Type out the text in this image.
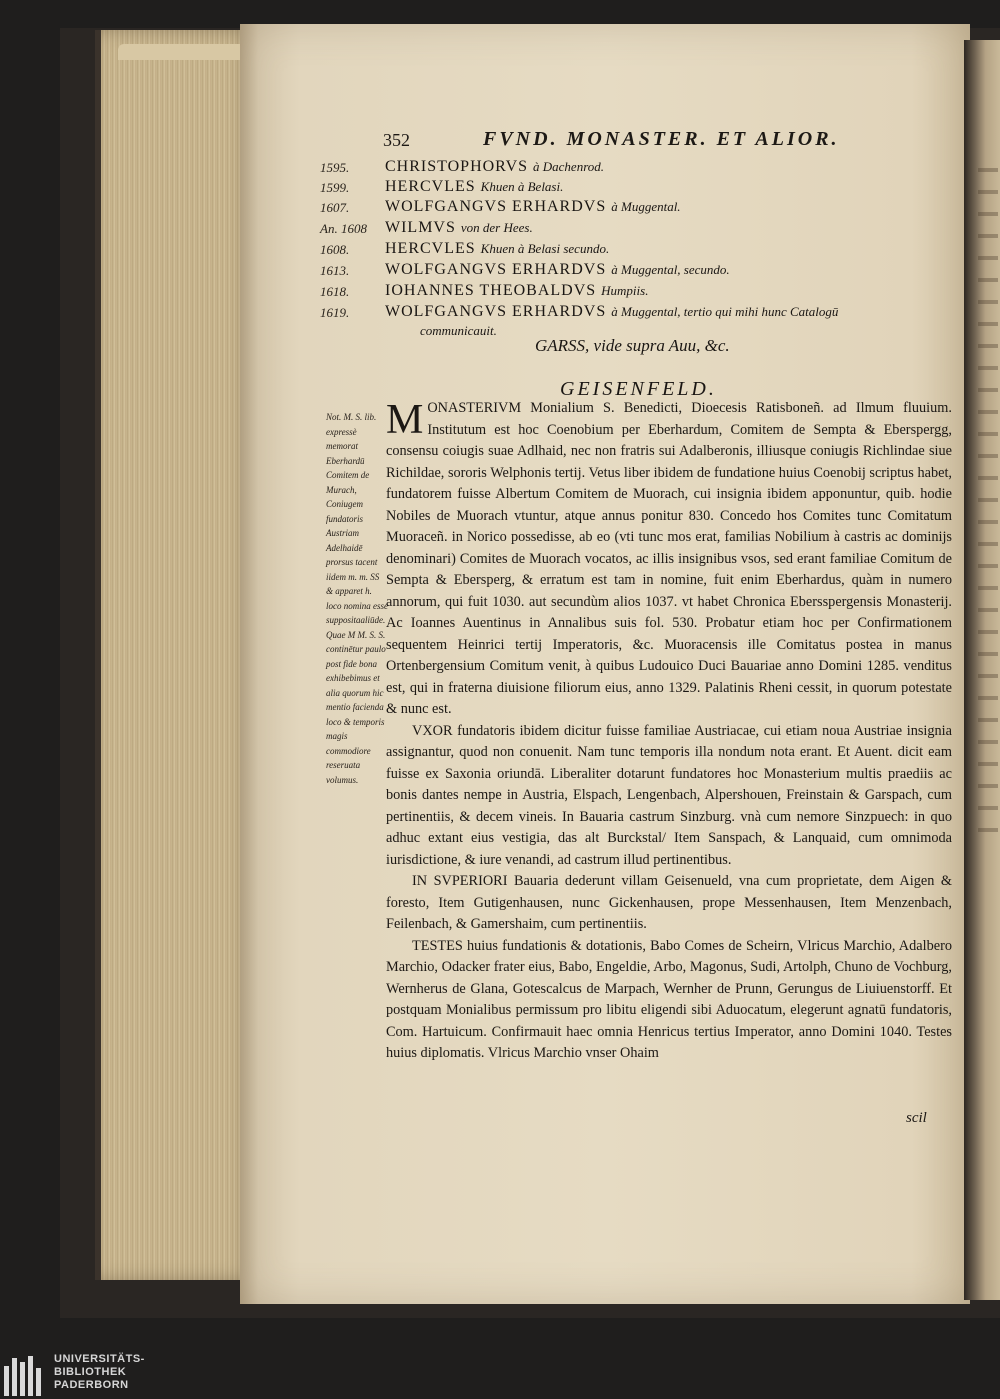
352	FVND. MONASTER. ET ALIOR.
1595.	CHRISTOPHORVS à Dachenrod.
1599.	HERCVLES Khuen à Belasi.
1607.	WOLFGANGVS ERHARDVS à Muggental.
An. 1608	WILMVS von der Hees.
1608.	HERCVLES Khuen à Belasi secundo.
1613.	WOLFGANGVS ERHARDVS à Muggental, secundo.
1618.	IOHANNES THEOBALDVS Humpiis.
1619.	WOLFGANGVS ERHARDVS à Muggental, tertio qui mihi hunc Catalogū
communicauit.
GARSS, vide supra Auu, &c.
GEISENFELD.
Not. M. S. lib. expressè memorat Eberhardū Comitem de Murach, Coniugem fundatoris Austriam Adelhaidē prorsus tacent iidem m. m. SS & apparet h. loco nomina esse suppositaaliūde. Quae M M. S. S. continētur paulo post fide bona exhibebimus et alia quorum hic mentio facienda loco & temporis magis commodiore reseruata volumus.

MONASTERIVM Monialium S. Benedicti, Dioecesis Ratisboneñ. ad Ilmum fluuium. Institutum est hoc Coenobium per Eberhardum, Comitem de Sempta & Eberspergg, consensu coiugis suae Adlhaid, nec non fratris sui Adalberonis, illiusque coniugis Richlindae siue Richildae, sororis Welphonis tertij. Vetus liber ibidem de fundatione huius Coenobij scriptus habet, fundatorem fuisse Albertum Comitem de Muorach, cui insignia ibidem apponuntur, quib. hodie Nobiles de Muorach vtuntur, atque annus ponitur 830. Concedo hos Comites tunc Comitatum Muoraceñ. in Norico possedisse, ab eo (vti tunc mos erat, familias Nobilium à castris ac dominijs denominari) Comites de Muorach vocatos, ac illis insignibus vsos, sed erant familiae Comitum de Sempta & Ebersperg, & erratum est tam in nomine, fuit enim Eberhardus, quàm in numero annorum, qui fuit 1030. aut secundùm alios 1037. vt habet Chronica Ebersspergensis Monasterij. Ac Ioannes Auentinus in Annalibus suis fol. 530. Probatur etiam hoc per Confirmationem sequentem Heinrici tertij Imperatoris, &c. Muoracensis ille Comitatus postea in manus Ortenbergensium Comitum venit, à quibus Ludouico Duci Bauariae anno Domini 1285. venditus est, qui in fraterna diuisione filiorum eius, anno 1329. Palatinis Rheni cessit, in quorum potestate & nunc est.

VXOR fundatoris ibidem dicitur fuisse familiae Austriacae, cui etiam noua Austriae insignia assignantur, quod non conuenit. Nam tunc temporis illa nondum nota erant. Et Auent. dicit eam fuisse ex Saxonia oriundā. Liberaliter dotarunt fundatores hoc Monasterium multis praediis ac bonis dantes nempe in Austria, Elspach, Lengenbach, Alpershouen, Freinstain & Garspach, cum pertinentiis, & decem vineis. In Bauaria castrum Sinzburg. vnà cum nemore Sinzpuech: in quo adhuc extant eius vestigia, das alt Burckstal/ Item Sanspach, & Lanquaid, cum omnimoda iurisdictione, & iure venandi, ad castrum illud pertinentibus.

IN SVPERIORI Bauaria dederunt villam Geisenueld, vna cum proprietate, dem Aigen & foresto, Item Gutigenhausen, nunc Gickenhausen, prope Messenhausen, Item Menzenbach, Feilenbach, & Gamershaim, cum pertinentiis.

TESTES huius fundationis & dotationis, Babo Comes de Scheirn, Vlricus Marchio, Adalbero Marchio, Odacker frater eius, Babo, Engeldie, Arbo, Magonus, Sudi, Artolph, Chuno de Vochburg, Wernherus de Glana, Gotescalcus de Marpach, Wernher de Prunn, Gerungus de Liuiuenstorff. Et postquam Monialibus permissum pro libitu eligendi sibi Aduocatum, elegerunt agnatū fundatoris, Com. Hartuicum. Confirmauit haec omnia Henricus tertius Imperator, anno Domini 1040. Testes huius diplomatis. Vlricus Marchio vnser Ohaim

scil
UNIVERSITÄTS-
BIBLIOTHEK
PADERBORN
